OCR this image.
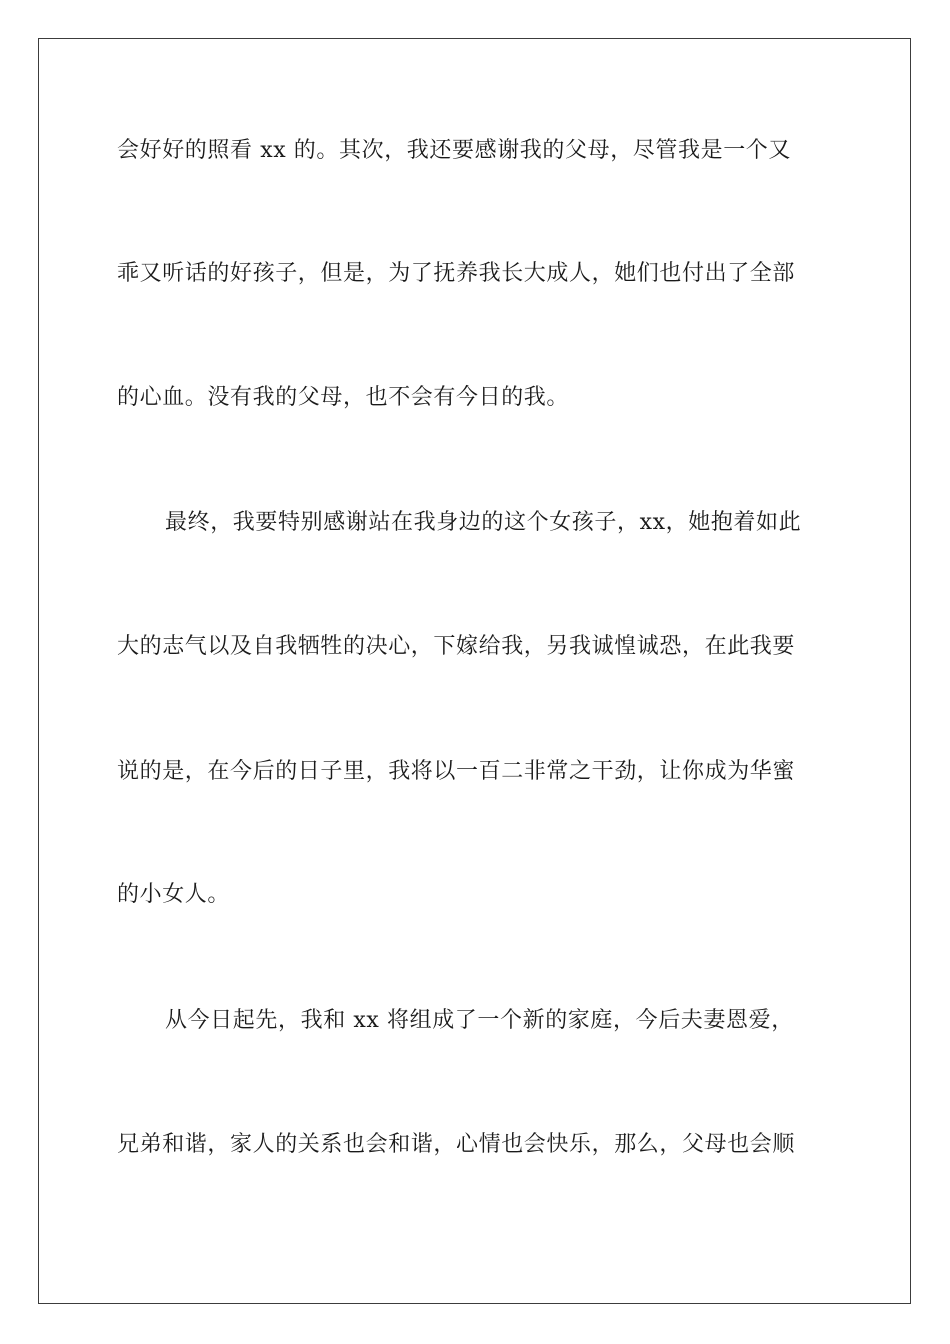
会好好的照看 xx 的。其次，我还要感谢我的父母，尽管我是一个又
乖又听话的好孩子，但是，为了抚养我长大成人，她们也付出了全部
的心血。没有我的父母，也不会有今日的我。
最终，我要特别感谢站在我身边的这个女孩子，xx，她抱着如此
大的志气以及自我牺牲的决心，下嫁给我，另我诚惶诚恐，在此我要
说的是，在今后的日子里，我将以一百二非常之干劲，让你成为华蜜
的小女人。
从今日起先，我和 xx 将组成了一个新的家庭，今后夫妻恩爱，
兄弟和谐，家人的关系也会和谐，心情也会快乐，那么，父母也会顺
